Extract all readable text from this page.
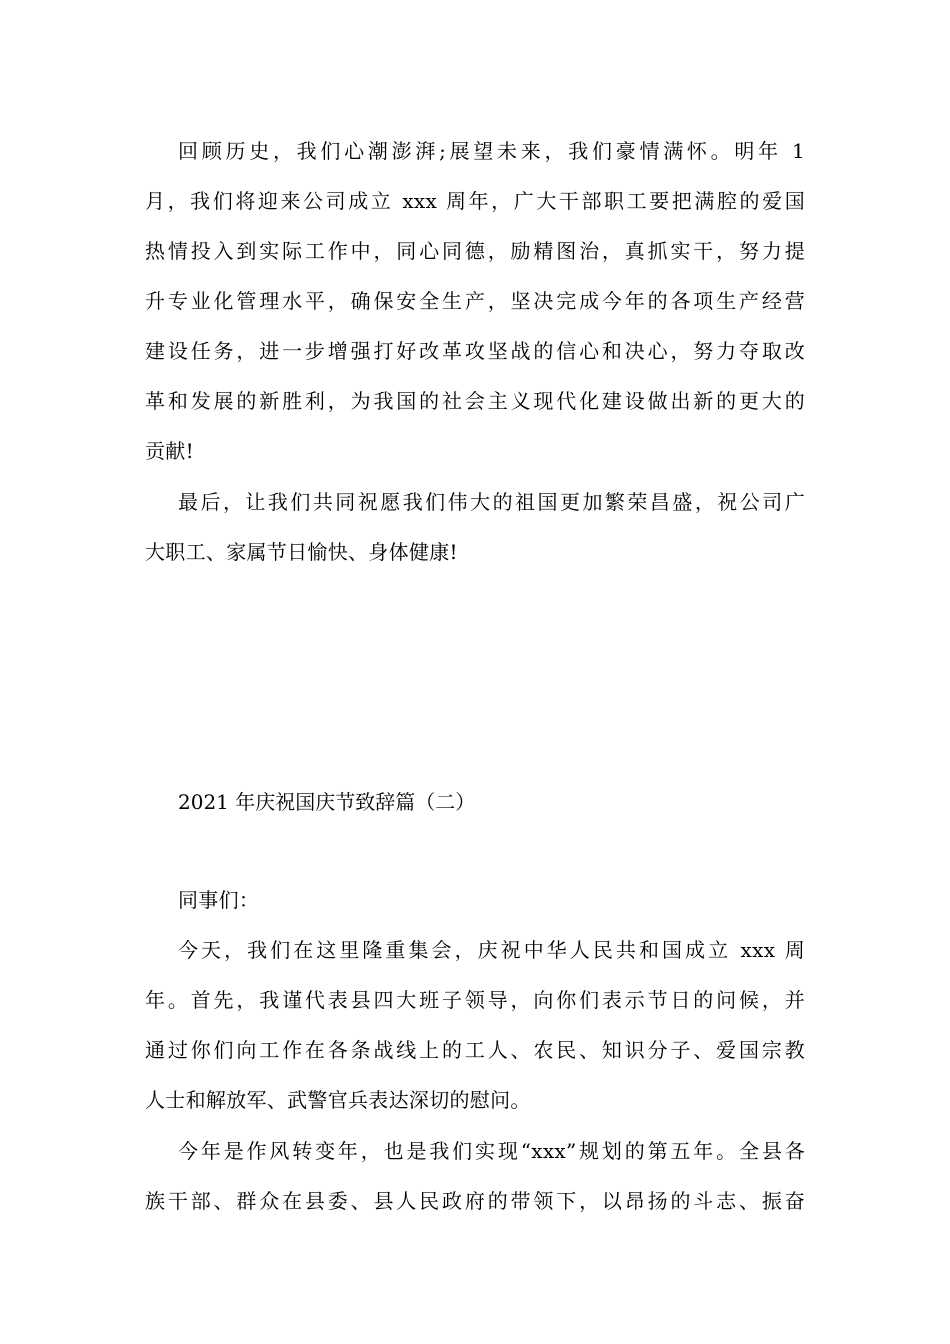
回顾历史，我们心潮澎湃;展望未来，我们豪情满怀。明年 1
月，我们将迎来公司成立 xxx 周年，广大干部职工要把满腔的爱国
热情投入到实际工作中，同心同德，励精图治，真抓实干，努力提
升专业化管理水平，确保安全生产，坚决完成今年的各项生产经营
建设任务，进一步增强打好改革攻坚战的信心和决心，努力夺取改
革和发展的新胜利，为我国的社会主义现代化建设做出新的更大的
贡献!
最后，让我们共同祝愿我们伟大的祖国更加繁荣昌盛，祝公司广
大职工、家属节日愉快、身体健康!
2021 年庆祝国庆节致辞篇（二）
同事们：
今天，我们在这里隆重集会，庆祝中华人民共和国成立 xxx 周
年。首先，我谨代表县四大班子领导，向你们表示节日的问候，并
通过你们向工作在各条战线上的工人、农民、知识分子、爱国宗教
人士和解放军、武警官兵表达深切的慰问。
今年是作风转变年，也是我们实现“xxx”规划的第五年。全县各
族干部、群众在县委、县人民政府的带领下，以昂扬的斗志、振奋
